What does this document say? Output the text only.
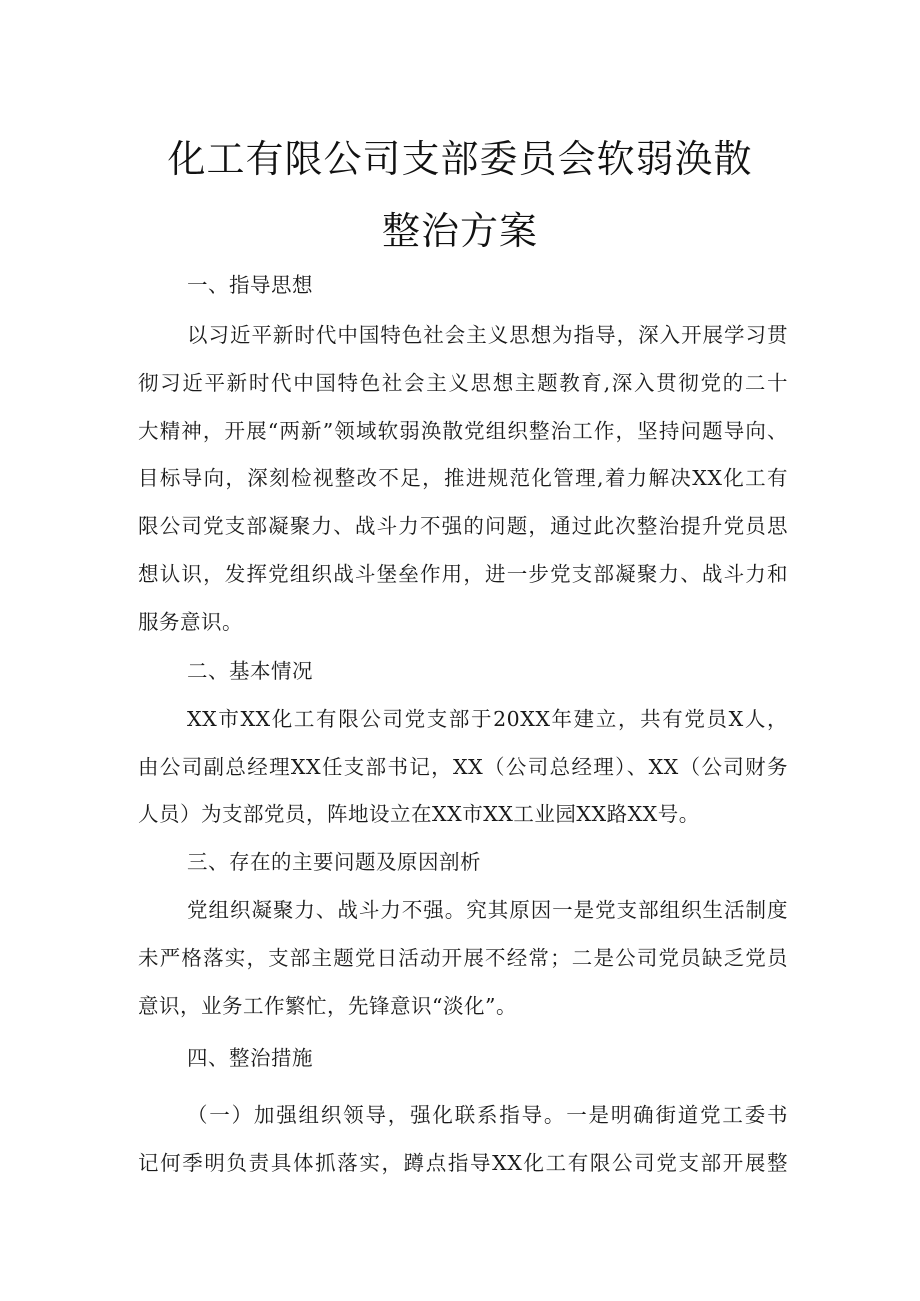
化工有限公司支部委员会软弱涣散
整治方案
一、指导思想
以习近平新时代中国特色社会主义思想为指导，深入开展学习贯
彻习近平新时代中国特色社会主义思想主题教育,深入贯彻党的二十
大精神，开展“两新”领域软弱涣散党组织整治工作，坚持问题导向、
目标导向，深刻检视整改不足，推进规范化管理,着力解决XX化工有
限公司党支部凝聚力、战斗力不强的问题，通过此次整治提升党员思
想认识，发挥党组织战斗堡垒作用，进一步党支部凝聚力、战斗力和
服务意识。
二、基本情况
XX市XX化工有限公司党支部于20XX年建立，共有党员X人，
由公司副总经理XX任支部书记，XX（公司总经理）、XX（公司财务
人员）为支部党员，阵地设立在XX市XX工业园XX路XX号。
三、存在的主要问题及原因剖析
党组织凝聚力、战斗力不强。究其原因一是党支部组织生活制度
未严格落实，支部主题党日活动开展不经常；二是公司党员缺乏党员
意识，业务工作繁忙，先锋意识“淡化”。
四、整治措施
（一）加强组织领导，强化联系指导。一是明确街道党工委书
记何季明负责具体抓落实，蹲点指导XX化工有限公司党支部开展整
